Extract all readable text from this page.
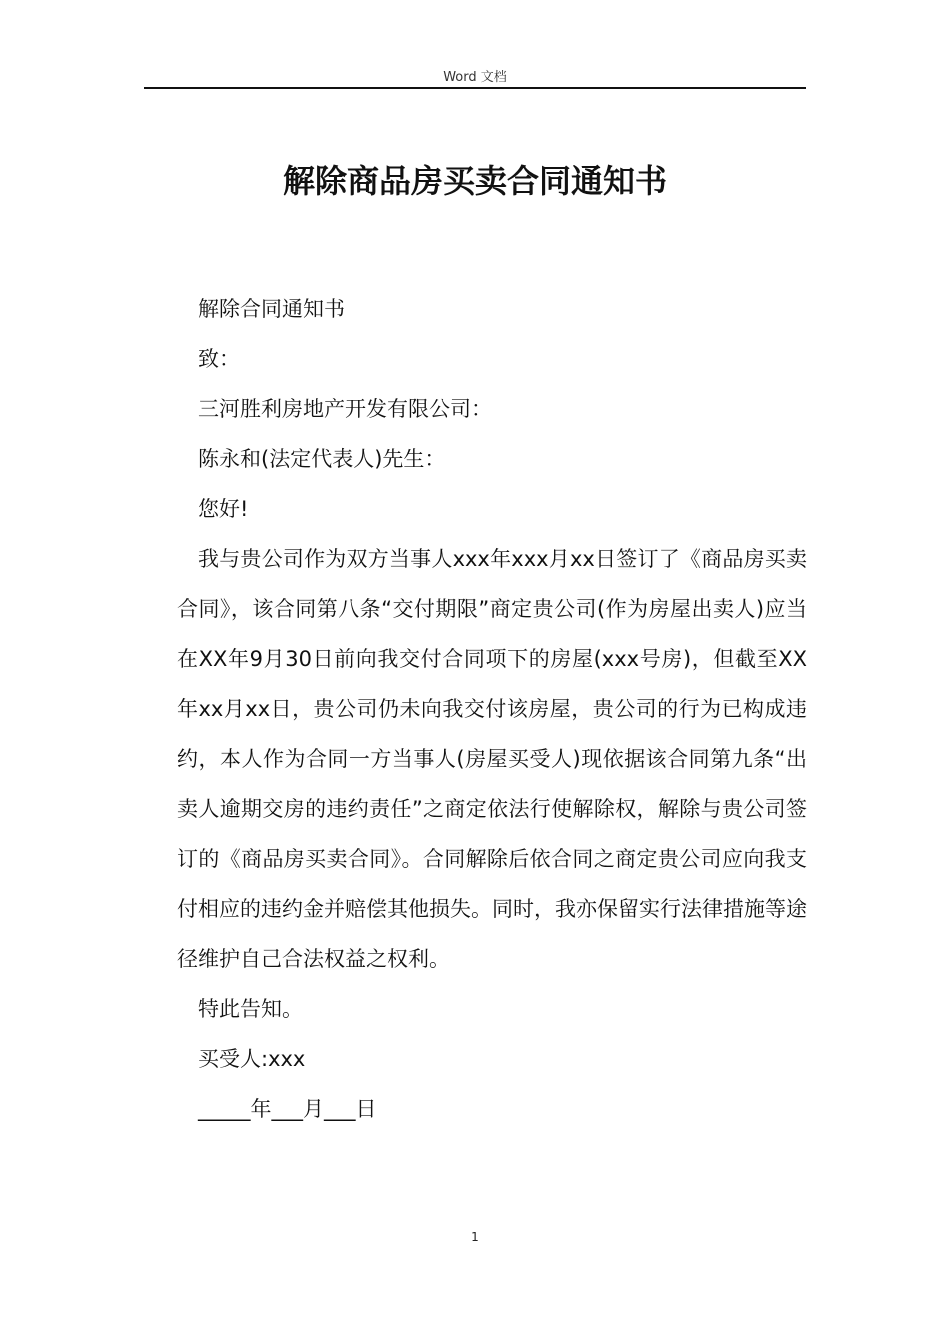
Word 文档
解除商品房买卖合同通知书

解除合同通知书

致：

三河胜利房地产开发有限公司：

陈永和(法定代表人)先生：

您好!

我与贵公司作为双方当事人xxx年xxx月xx日签订了《商品房买卖合同》，该合同第八条“交付期限”商定贵公司(作为房屋出卖人)应当在XX年9月30日前向我交付合同项下的房屋(xxx号房)，但截至XX年xx月xx日，贵公司仍未向我交付该房屋，贵公司的行为已构成违约，本人作为合同一方当事人(房屋买受人)现依据该合同第九条“出卖人逾期交房的违约责任”之商定依法行使解除权，解除与贵公司签订的《商品房买卖合同》。合同解除后依合同之商定贵公司应向我支付相应的违约金并赔偿其他损失。同时，我亦保留实行法律措施等途径维护自己合法权益之权利。

特此告知。

买受人:xxx

_____年___月___日

1
